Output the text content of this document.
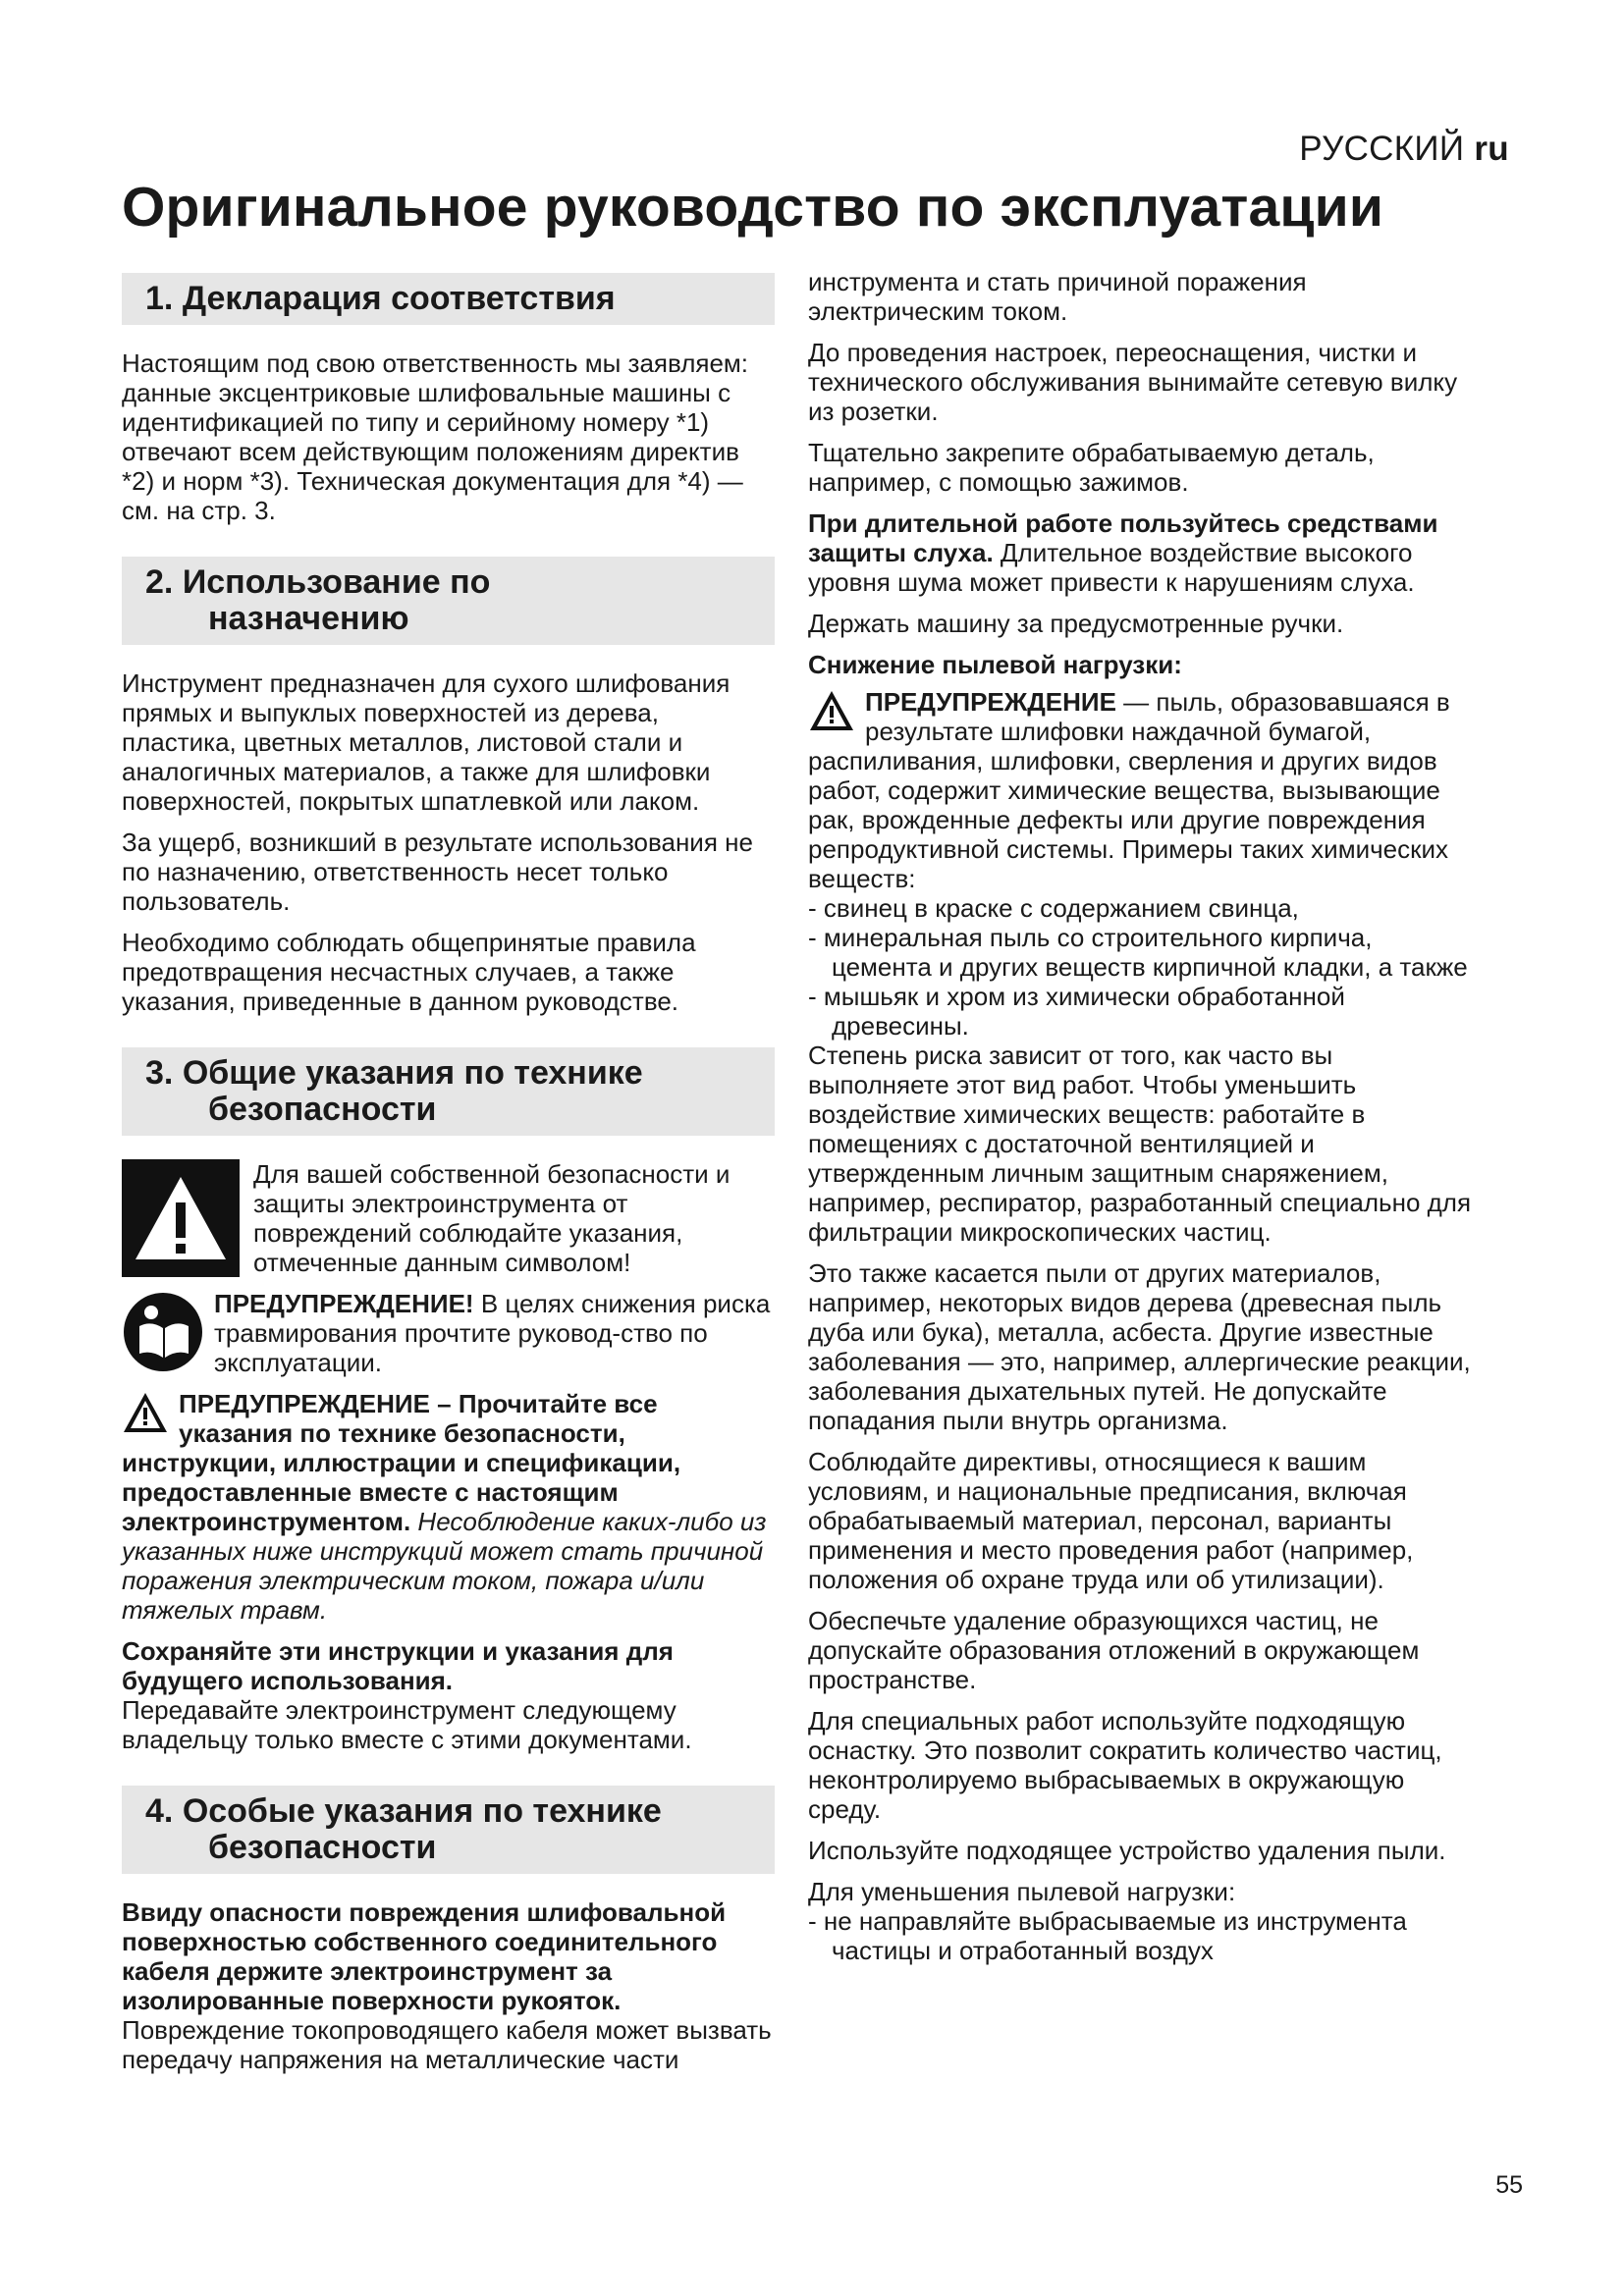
РУССКИЙ ru
Оригинальное руководство по эксплуатации
1. Декларация соответствия

Настоящим под свою ответственность мы заявляем: данные эксцентриковые шлифовальные машины с идентификацией по типу и серийному номеру *1) отвечают всем действующим положениям директив *2) и норм *3). Техническая документация для *4) — см. на стр. 3.

2. Использование по
назначению

Инструмент предназначен для сухого шлифования прямых и выпуклых поверхностей из дерева, пластика, цветных металлов, листовой стали и аналогичных материалов, а также для шлифовки поверхностей, покрытых шпатлевкой или лаком.

За ущерб, возникший в результате использования не по назначению, ответственность несет только пользователь.

Необходимо соблюдать общепринятые правила предотвращения несчастных случаев, а также указания, приведенные в данном руководстве.

3. Общие указания по технике
безопасности
Для вашей собственной безопасности и защиты электроинструмента от повреждений соблюдайте указания, отмеченные данным символом!
ПРЕДУПРЕЖДЕНИЕ! В целях снижения риска травмирования прочтите руковод-ство по эксплуатации.
ПРЕДУПРЕЖДЕНИЕ – Прочитайте все указания по технике безопасности, инструкции, иллюстрации и спецификации, предоставленные вместе с настоящим электроинструментом. Несоблюдение каких-либо из указанных ниже инструкций может стать причиной поражения электрическим током, пожара и/или тяжелых травм.

Сохраняйте эти инструкции и указания для будущего использования.
Передавайте электроинструмент следующему владельцу только вместе с этими документами.

4. Особые указания по технике
безопасности

Ввиду опасности повреждения шлифовальной поверхностью собственного соединительного кабеля держите электроинструмент за изолированные поверхности рукояток. Повреждение токопроводящего кабеля может вызвать передачу напряжения на металлические части

инструмента и стать причиной поражения электрическим током.

До проведения настроек, переоснащения, чистки и технического обслуживания вынимайте сетевую вилку из розетки.

Тщательно закрепите обрабатываемую деталь, например, с помощью зажимов.

При длительной работе пользуйтесь средствами защиты слуха. Длительное воздействие высокого уровня шума может привести к нарушениям слуха.

Держать машину за предусмотренные ручки.

Снижение пылевой нагрузки:

ПРЕДУПРЕЖДЕНИЕ — пыль, образовавшаяся в результате шлифовки наждачной бумагой, распиливания, шлифовки, сверления и других видов работ, содержит химические вещества, вызывающие рак, врожденные дефекты или другие повреждения репродуктивной системы. Примеры таких химических веществ:
- свинец в краске с содержанием свинца,
- минеральная пыль со строительного кирпича, цемента и других веществ кирпичной кладки, а также
- мышьяк и хром из химически обработанной древесины.

Степень риска зависит от того, как часто вы выполняете этот вид работ. Чтобы уменьшить воздействие химических веществ: работайте в помещениях с достаточной вентиляцией и утвержденным личным защитным снаряжением, например, респиратор, разработанный специально для фильтрации микроскопических частиц.

Это также касается пыли от других материалов, например, некоторых видов дерева (древесная пыль дуба или бука), металла, асбеста. Другие известные заболевания — это, например, аллергические реакции, заболевания дыхательных путей. Не допускайте попадания пыли внутрь организма.

Соблюдайте директивы, относящиеся к вашим условиям, и национальные предписания, включая обрабатываемый материал, персонал, варианты применения и место проведения работ (например, положения об охране труда или об утилизации).

Обеспечьте удаление образующихся частиц, не допускайте образования отложений в окружающем пространстве.

Для специальных работ используйте подходящую оснастку. Это позволит сократить количество частиц, неконтролируемо выбрасываемых в окружающую среду.

Используйте подходящее устройство удаления пыли.

Для уменьшения пылевой нагрузки:

- не направляйте выбрасываемые из инструмента частицы и отработанный воздух
55
